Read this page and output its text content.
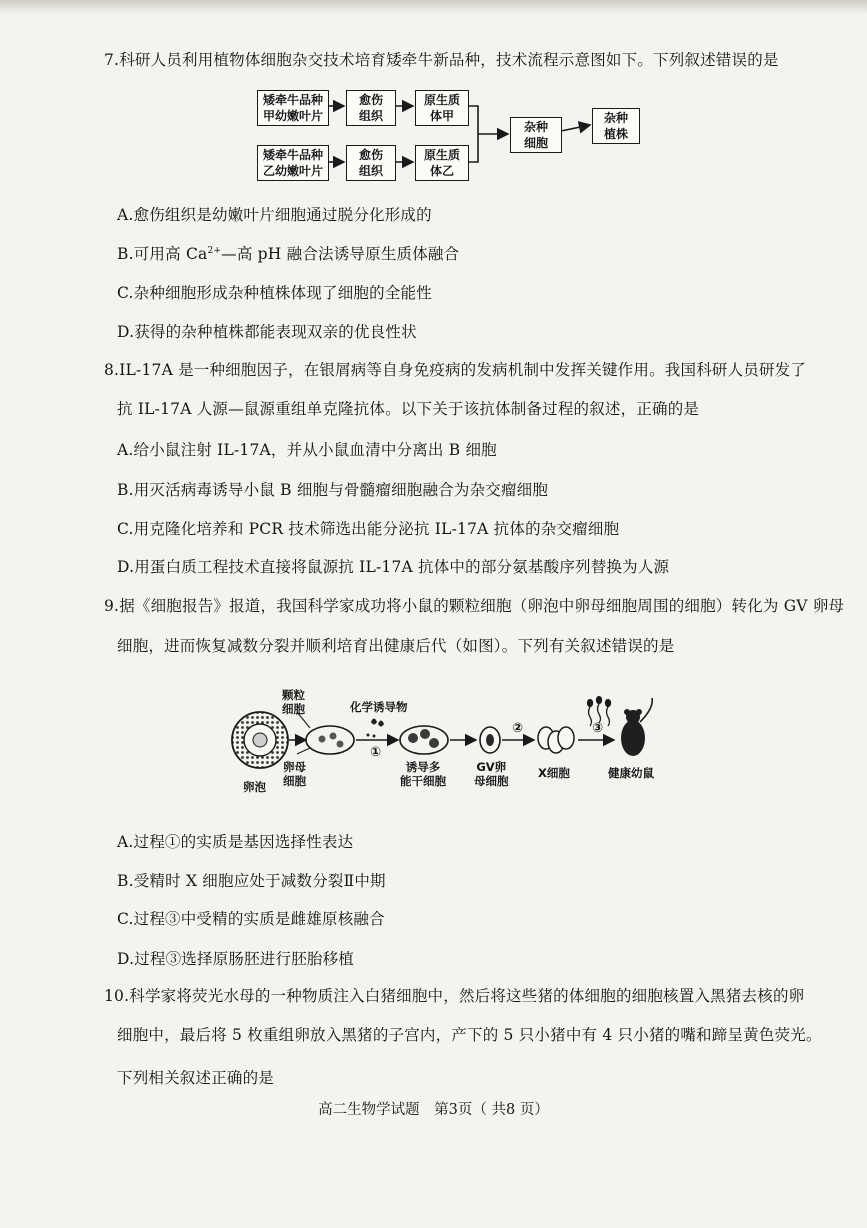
7.科研人员利用植物体细胞杂交技术培育矮牵牛新品种，技术流程示意图如下。下列叙述错误的是
矮牵牛品种
甲幼嫩叶片
愈伤
组织
原生质
体甲
矮牵牛品种
乙幼嫩叶片
愈伤
组织
原生质
体乙
杂种
细胞
杂种
植株
A.愈伤组织是幼嫩叶片细胞通过脱分化形成的
B.可用高 $Ca^{2+}—$高 pH 融合法诱导原生质体融合
C.杂种细胞形成杂种植株体现了细胞的全能性
D.获得的杂种植株都能表现双亲的优良性状
8.IL-17A 是一种细胞因子，在银屑病等自身免疫病的发病机制中发挥关键作用。我国科研人员研发了
抗 IL-17A 人源—鼠源重组单克隆抗体。以下关于该抗体制备过程的叙述，正确的是
A.给小鼠注射 IL-17A，并从小鼠血清中分离出 B 细胞
B.用灭活病毒诱导小鼠 B 细胞与骨髓瘤细胞融合为杂交瘤细胞
C.用克隆化培养和 PCR 技术筛选出能分泌抗 IL-17A 抗体的杂交瘤细胞
D.用蛋白质工程技术直接将鼠源抗 IL-17A 抗体中的部分氨基酸序列替换为人源
9.据《细胞报告》报道，我国科学家成功将小鼠的颗粒细胞（卵泡中卵母细胞周围的细胞）转化为 GV 卵母
细胞，进而恢复减数分裂并顺利培育出健康后代（如图）。下列有关叙述错误的是
卵泡
颗粒
细胞
卵母
细胞
化学诱导物
①
诱导多
能干细胞
GV卵
母细胞
②
X细胞
③
健康幼鼠
A.过程①的实质是基因选择性表达
B.受精时 X 细胞应处于减数分裂Ⅱ中期
C.过程③中受精的实质是雌雄原核融合
D.过程③选择原肠胚进行胚胎移植
10.科学家将荧光水母的一种物质注入白猪细胞中，然后将这些猪的体细胞的细胞核置入黑猪去核的卵
细胞中，最后将 5 枚重组卵放入黑猪的子宫内，产下的 5 只小猪中有 4 只小猪的嘴和蹄呈黄色荧光。
下列相关叙述正确的是
高二生物学试题　第3页（ 共8 页）
